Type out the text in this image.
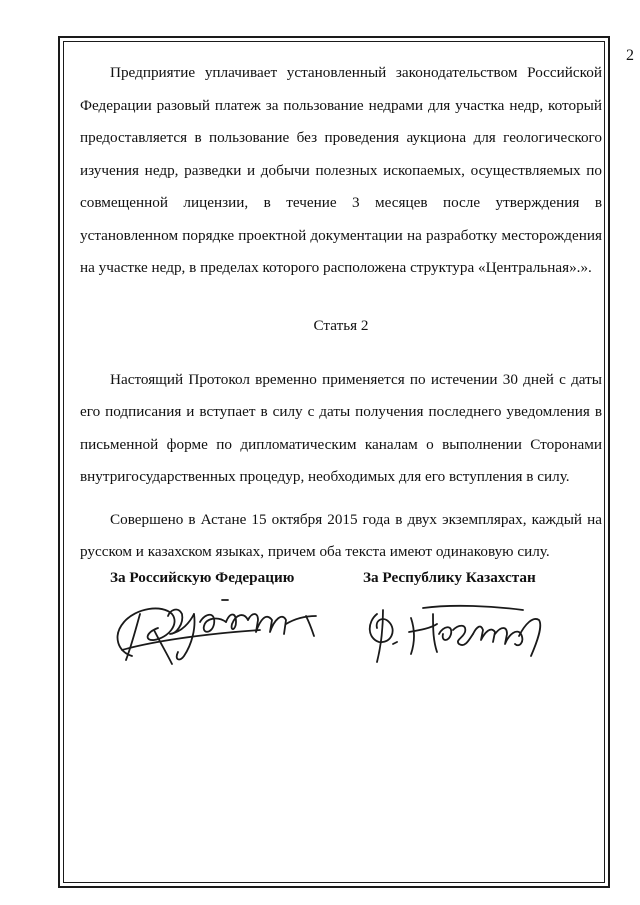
2

Предприятие уплачивает установленный законодательством Российской Федерации разовый платеж за пользование недрами для участка недр, который предоставляется в пользование без проведения аукциона для геологического изучения недр, разведки и добычи полезных ископаемых, осуществляемых по совмещенной лицензии, в течение 3 месяцев после утверждения в установленном порядке проектной документации на разработку месторождения на участке недр, в пределах которого расположена структура «Центральная».».

Статья 2

Настоящий Протокол временно применяется по истечении 30 дней с даты его подписания и вступает в силу с даты получения последнего уведомления в письменной форме по дипломатическим каналам о выполнении Сторонами внутригосударственных процедур, необходимых для его вступления в силу.

Совершено в Астане 15 октября 2015 года в двух экземплярах, каждый на русском и казахском языках, причем оба текста имеют одинаковую силу.

За Российскую Федерацию	За Республику Казахстан
